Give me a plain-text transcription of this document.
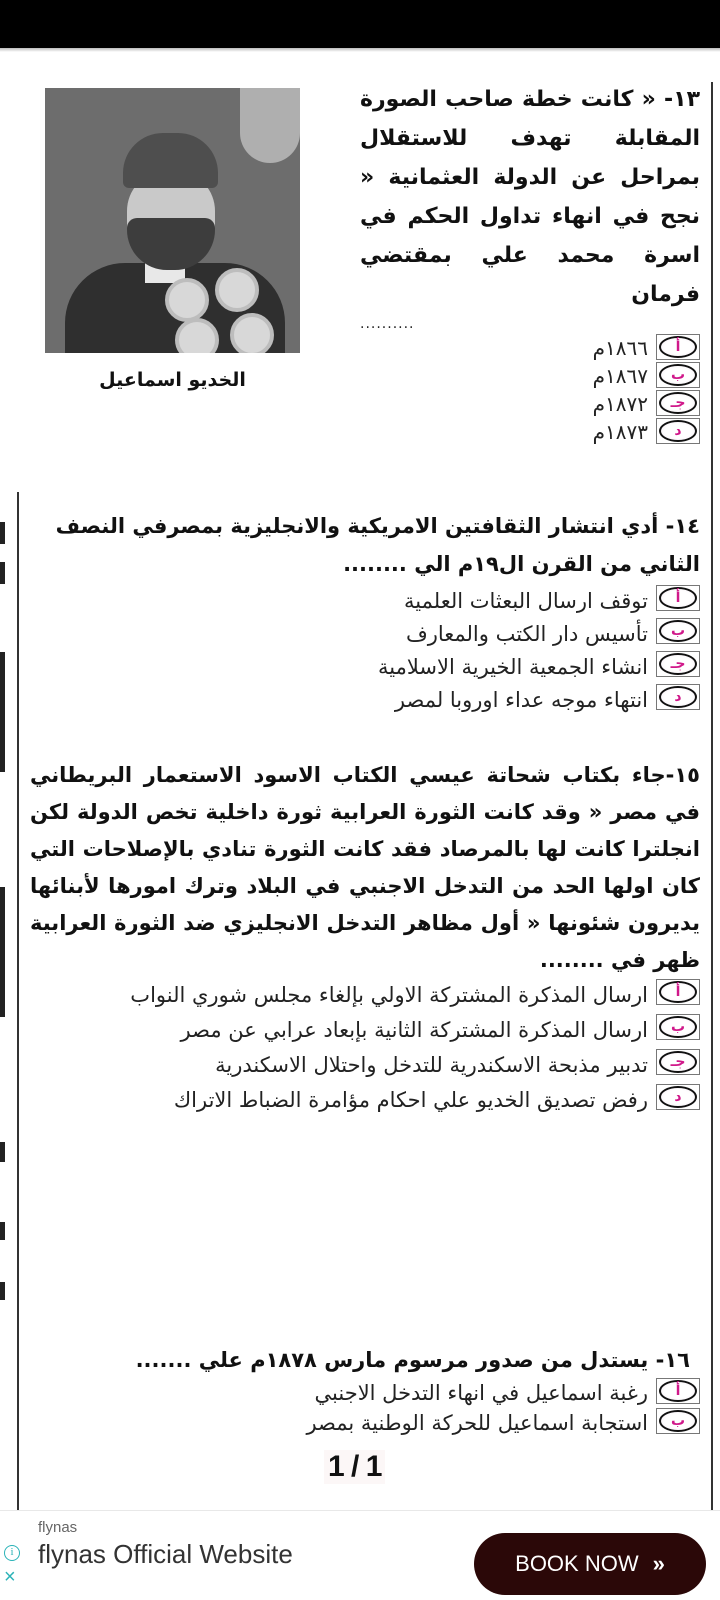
١٣- « كانت خطة صاحب الصورة المقابلة تهدف للاستقلال بمراحل عن الدولة العثمانية « نجح في انهاء تداول الحكم في اسرة محمد علي بمقتضي فرمان
..........
الخديو اسماعيل
أ
١٨٦٦م
ب
١٨٦٧م
جـ
١٨٧٢م
د
١٨٧٣م
١٤- أدي انتشار الثقافتين الامريكية والانجليزية بمصرفي النصف الثاني من القرن ال١٩م الي ........
أ
توقف ارسال البعثات العلمية
ب
تأسيس دار الكتب والمعارف
جـ
انشاء الجمعية الخيرية الاسلامية
د
انتهاء موجه عداء اوروبا لمصر
١٥-جاء بكتاب شحاتة عيسي الكتاب الاسود الاستعمار البريطاني في مصر « وقد كانت الثورة العرابية ثورة داخلية تخص الدولة لكن انجلترا كانت لها بالمرصاد فقد كانت الثورة تنادي بالإصلاحات التي كان اولها الحد من التدخل الاجنبي في البلاد وترك امورها لأبنائها يديرون شئونها « أول مظاهر التدخل الانجليزي ضد الثورة العرابية ظهر في ........
أ
ارسال المذكرة المشتركة الاولي بإلغاء مجلس شوري النواب
ب
ارسال المذكرة المشتركة الثانية بإبعاد عرابي عن مصر
جـ
تدبير مذبحة الاسكندرية للتدخل واحتلال الاسكندرية
د
رفض تصديق الخديو علي احكام مؤامرة الضباط الاتراك
١٦- يستدل من صدور مرسوم مارس ١٨٧٨م علي .......
أ
رغبة اسماعيل في انهاء التدخل الاجنبي
ب
استجابة اسماعيل للحركة الوطنية بمصر
1 / 1
flynas
i flynas Official Website
×
BOOK NOW »
